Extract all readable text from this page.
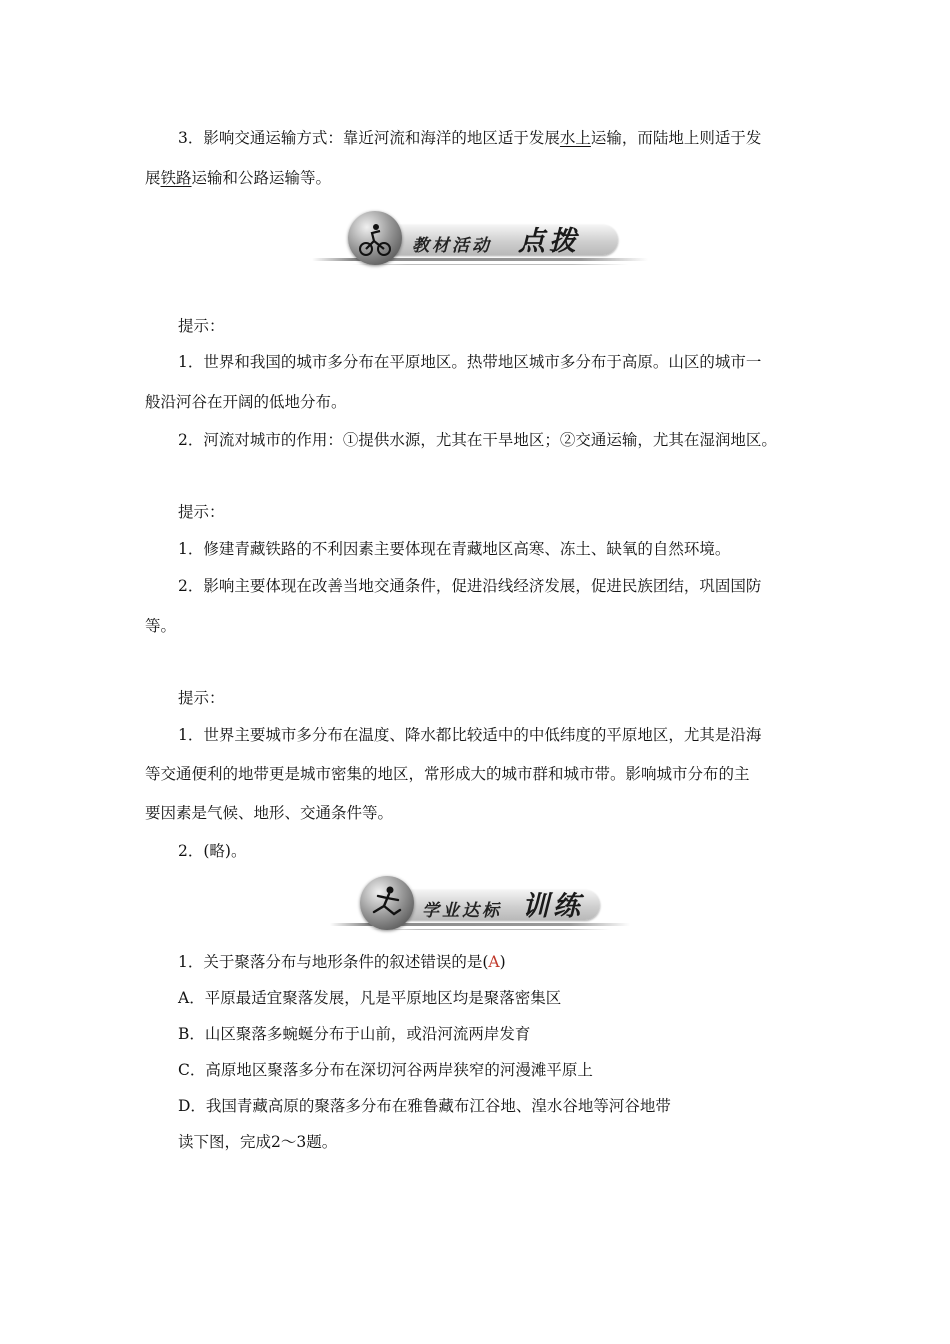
3．影响交通运输方式：靠近河流和海洋的地区适于发展水上运输，而陆地上则适于发
展铁路运输和公路运输等。
教材活动 点拨
提示：
1．世界和我国的城市多分布在平原地区。热带地区城市多分布于高原。山区的城市一
般沿河谷在开阔的低地分布。
2．河流对城市的作用：①提供水源，尤其在干旱地区；②交通运输，尤其在湿润地区。
提示：
1．修建青藏铁路的不利因素主要体现在青藏地区高寒、冻土、缺氧的自然环境。
2．影响主要体现在改善当地交通条件，促进沿线经济发展，促进民族团结，巩固国防
等。
提示：
1．世界主要城市多分布在温度、降水都比较适中的中低纬度的平原地区，尤其是沿海
等交通便利的地带更是城市密集的地区，常形成大的城市群和城市带。影响城市分布的主
要因素是气候、地形、交通条件等。
2．(略)。
学业达标 训练
1．关于聚落分布与地形条件的叙述错误的是(A)
A．平原最适宜聚落发展，凡是平原地区均是聚落密集区
B．山区聚落多蜿蜒分布于山前，或沿河流两岸发育
C．高原地区聚落多分布在深切河谷两岸狭窄的河漫滩平原上
D．我国青藏高原的聚落多分布在雅鲁藏布江谷地、湟水谷地等河谷地带
读下图，完成2～3题。
